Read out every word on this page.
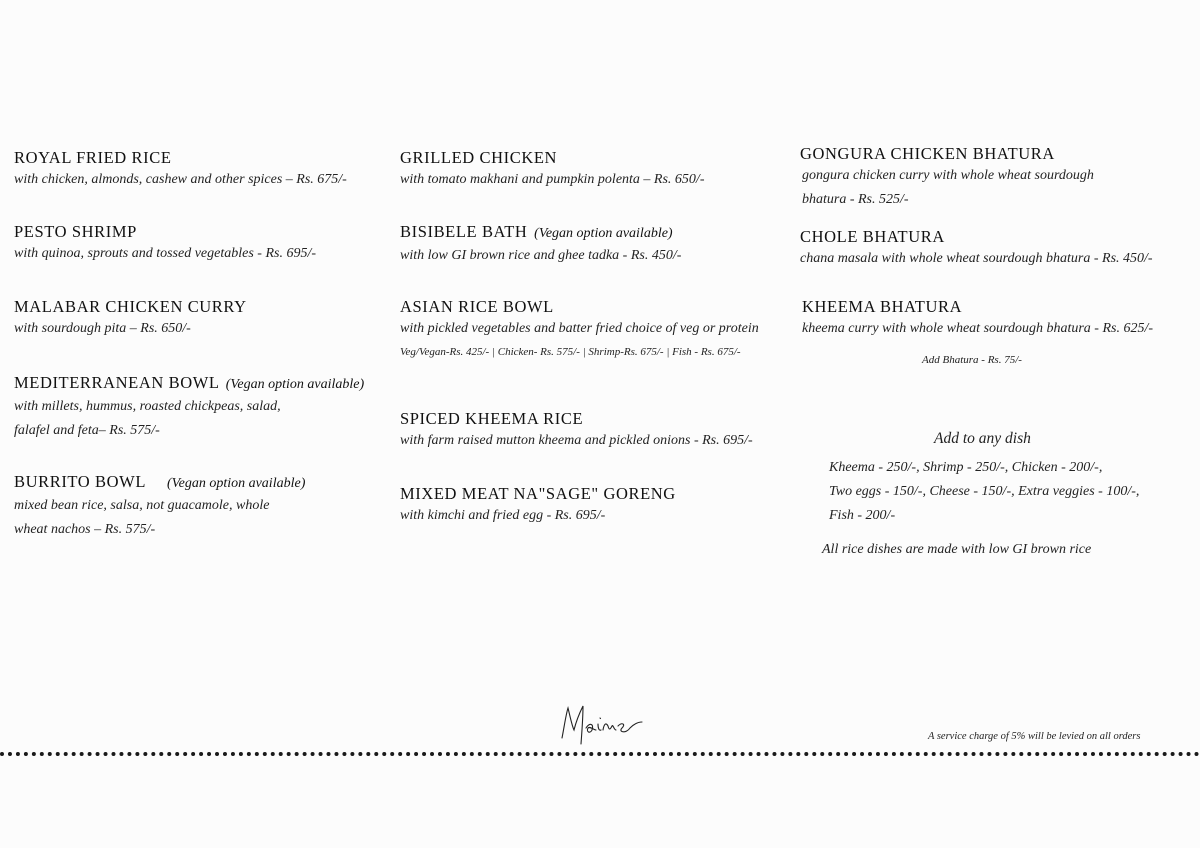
ROYAL FRIED RICE
with chicken, almonds, cashew and other spices – Rs. 675/-
PESTO SHRIMP
with quinoa, sprouts and tossed vegetables - Rs. 695/-
MALABAR CHICKEN CURRY
with sourdough pita – Rs. 650/-
MEDITERRANEAN BOWL (Vegan option available)
with millets, hummus, roasted chickpeas, salad,
falafel and feta– Rs. 575/-
BURRITO BOWL (Vegan option available)
mixed bean rice, salsa, not guacamole, whole
wheat nachos – Rs. 575/-
GRILLED CHICKEN
with tomato makhani and pumpkin polenta – Rs. 650/-
BISIBELE BATH (Vegan option available)
with low GI brown rice and ghee tadka - Rs. 450/-
ASIAN RICE BOWL
with pickled vegetables and batter fried choice of veg or protein
Veg/Vegan-Rs. 425/- | Chicken- Rs. 575/- | Shrimp-Rs. 675/- | Fish - Rs. 675/-
SPICED KHEEMA RICE
with farm raised mutton kheema and pickled onions - Rs. 695/-
MIXED MEAT NA"SAGE" GORENG
with kimchi and fried egg - Rs. 695/-
GONGURA CHICKEN BHATURA
gongura chicken curry with whole wheat sourdough
bhatura - Rs. 525/-
CHOLE BHATURA
chana masala with whole wheat sourdough bhatura - Rs. 450/-
KHEEMA BHATURA
kheema curry with whole wheat sourdough bhatura - Rs. 625/-
Add Bhatura - Rs. 75/-
Add to any dish
Kheema - 250/-, Shrimp - 250/-, Chicken - 200/-,
Two eggs - 150/-, Cheese - 150/-, Extra veggies - 100/-,
Fish - 200/-
All rice dishes are made with low GI brown rice
A service charge of 5% will be levied on all orders
